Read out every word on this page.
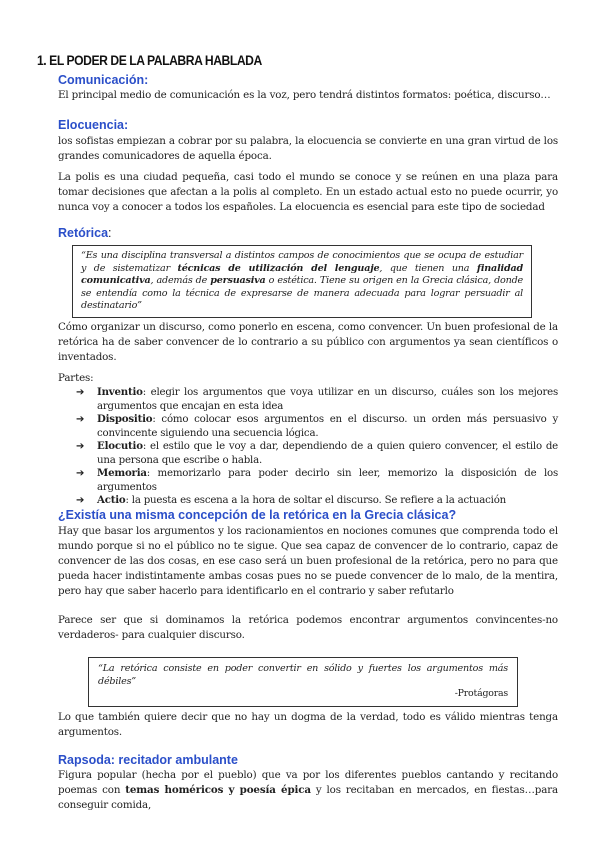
1. EL PODER DE LA PALABRA HABLADA
Comunicación:

El principal medio de comunicación es la voz, pero tendrá distintos formatos: poética, discurso…

Elocuencia:

los sofistas empiezan a cobrar por su palabra, la elocuencia se convierte en una gran virtud de los grandes comunicadores de aquella época.

La polis es una ciudad pequeña, casi todo el mundo se conoce y se reúnen en una plaza para tomar decisiones que afectan a la polis al completo. En un estado actual esto no puede ocurrir, yo nunca voy a conocer a todos los españoles. La elocuencia es esencial para este tipo de sociedad

Retórica:
“Es una disciplina transversal a distintos campos de conocimientos que se ocupa de estudiar y de sistematizar técnicas de utilización del lenguaje, que tienen una finalidad comunicativa, además de persuasiva o estética. Tiene su origen en la Grecia clásica, donde se entendía como la técnica de expresarse de manera adecuada para lograr persuadir al destinatario”

Cómo organizar un discurso, como ponerlo en escena, como convencer. Un buen profesional de la retórica ha de saber convencer de lo contrario a su público con argumentos ya sean científicos o inventados.

Partes:

➔ Inventio: elegir los argumentos que voya utilizar en un discurso, cuáles son los mejores argumentos que encajan en esta idea
➔ Dispositio: cómo colocar esos argumentos en el discurso. un orden más persuasivo y convincente siguiendo una secuencia lógica.
➔ Elocutio: el estilo que le voy a dar, dependiendo de a quien quiero convencer, el estilo de una persona que escribe o habla.
➔ Memoria: memorizarlo para poder decirlo sin leer, memorizo la disposición de los argumentos
➔ Actio: la puesta es escena a la hora de soltar el discurso. Se refiere a la actuación
¿Existía una misma concepción de la retórica en la Grecia clásica?

Hay que basar los argumentos y los racionamientos en nociones comunes que comprenda todo el mundo porque si no el público no te sigue. Que sea capaz de convencer de lo contrario, capaz de convencer de las dos cosas, en ese caso será un buen profesional de la retórica, pero no para que pueda hacer indistintamente ambas cosas pues no se puede convencer de lo malo, de la mentira, pero hay que saber hacerlo para identificarlo en el contrario y saber refutarlo

Parece ser que si dominamos la retórica podemos encontrar argumentos convincentes-no verdaderos- para cualquier discurso.

“La retórica consiste en poder convertir en sólido y fuertes los argumentos más débiles”
-Protágoras

Lo que también quiere decir que no hay un dogma de la verdad, todo es válido mientras tenga argumentos.

Rapsoda: recitador ambulante

Figura popular (hecha por el pueblo) que va por los diferentes pueblos cantando y recitando poemas con temas homéricos y poesía épica y los recitaban en mercados, en fiestas…para conseguir comida,
